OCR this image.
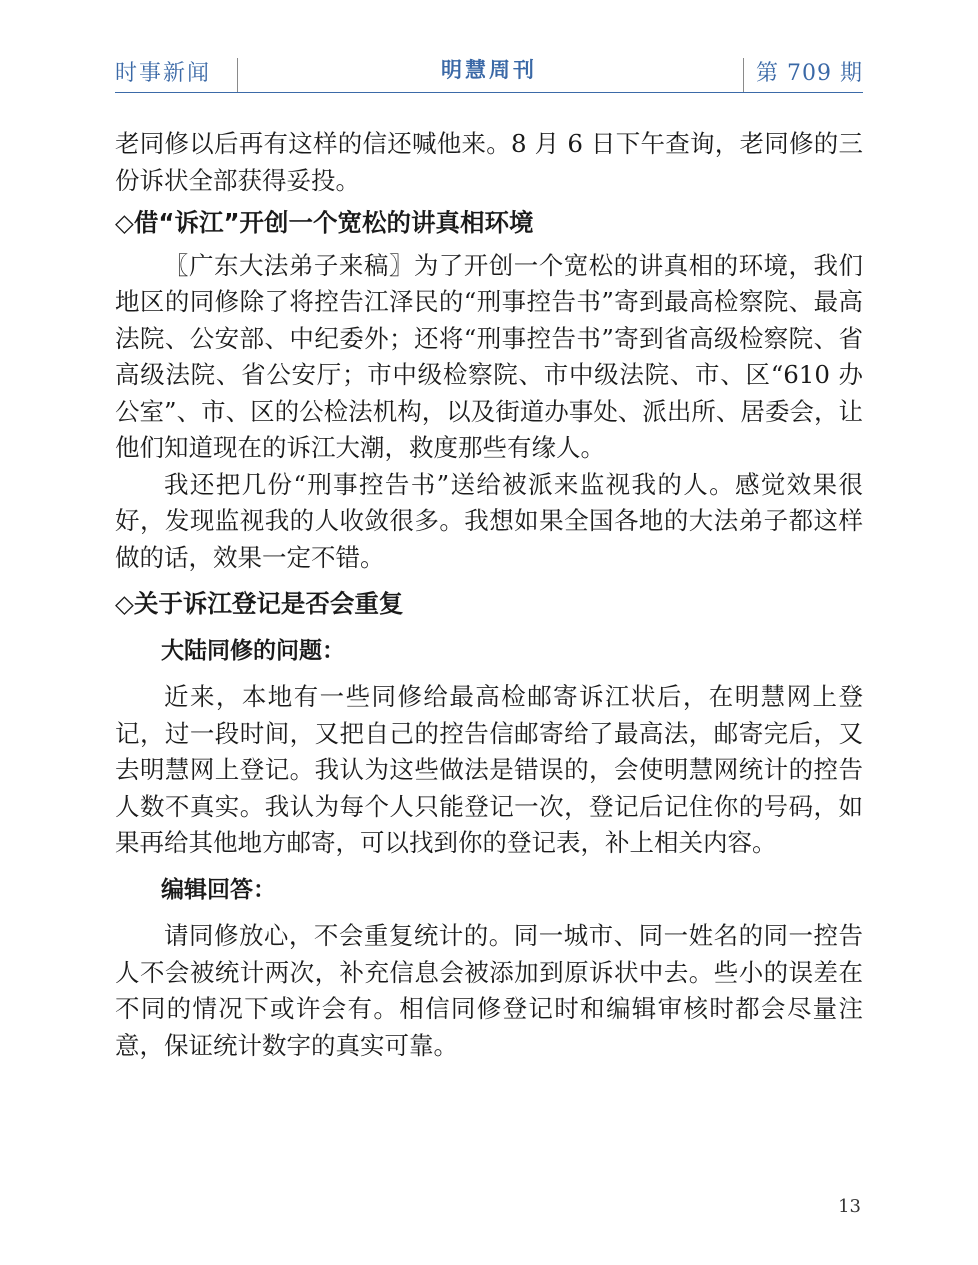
时事新闻	明慧周刊	第 709 期

老同修以后再有这样的信还喊他来。8 月 6 日下午查询，老同修的三份诉状全部获得妥投。

◇借“诉江”开创一个宽松的讲真相环境

〖广东大法弟子来稿〗为了开创一个宽松的讲真相的环境，我们地区的同修除了将控告江泽民的“刑事控告书”寄到最高检察院、最高法院、公安部、中纪委外；还将“刑事控告书”寄到省高级检察院、省高级法院、省公安厅；市中级检察院、市中级法院、市、区“610 办公室”、市、区的公检法机构，以及街道办事处、派出所、居委会，让他们知道现在的诉江大潮，救度那些有缘人。

我还把几份“刑事控告书”送给被派来监视我的人。感觉效果很好，发现监视我的人收敛很多。我想如果全国各地的大法弟子都这样做的话，效果一定不错。

◇关于诉江登记是否会重复
大陆同修的问题：

近来，本地有一些同修给最高检邮寄诉江状后，在明慧网上登记，过一段时间，又把自己的控告信邮寄给了最高法，邮寄完后，又去明慧网上登记。我认为这些做法是错误的，会使明慧网统计的控告人数不真实。我认为每个人只能登记一次，登记后记住你的号码，如果再给其他地方邮寄，可以找到你的登记表，补上相关内容。

编辑回答：

请同修放心，不会重复统计的。同一城市、同一姓名的同一控告人不会被统计两次，补充信息会被添加到原诉状中去。些小的误差在不同的情况下或许会有。相信同修登记时和编辑审核时都会尽量注意，保证统计数字的真实可靠。

13
